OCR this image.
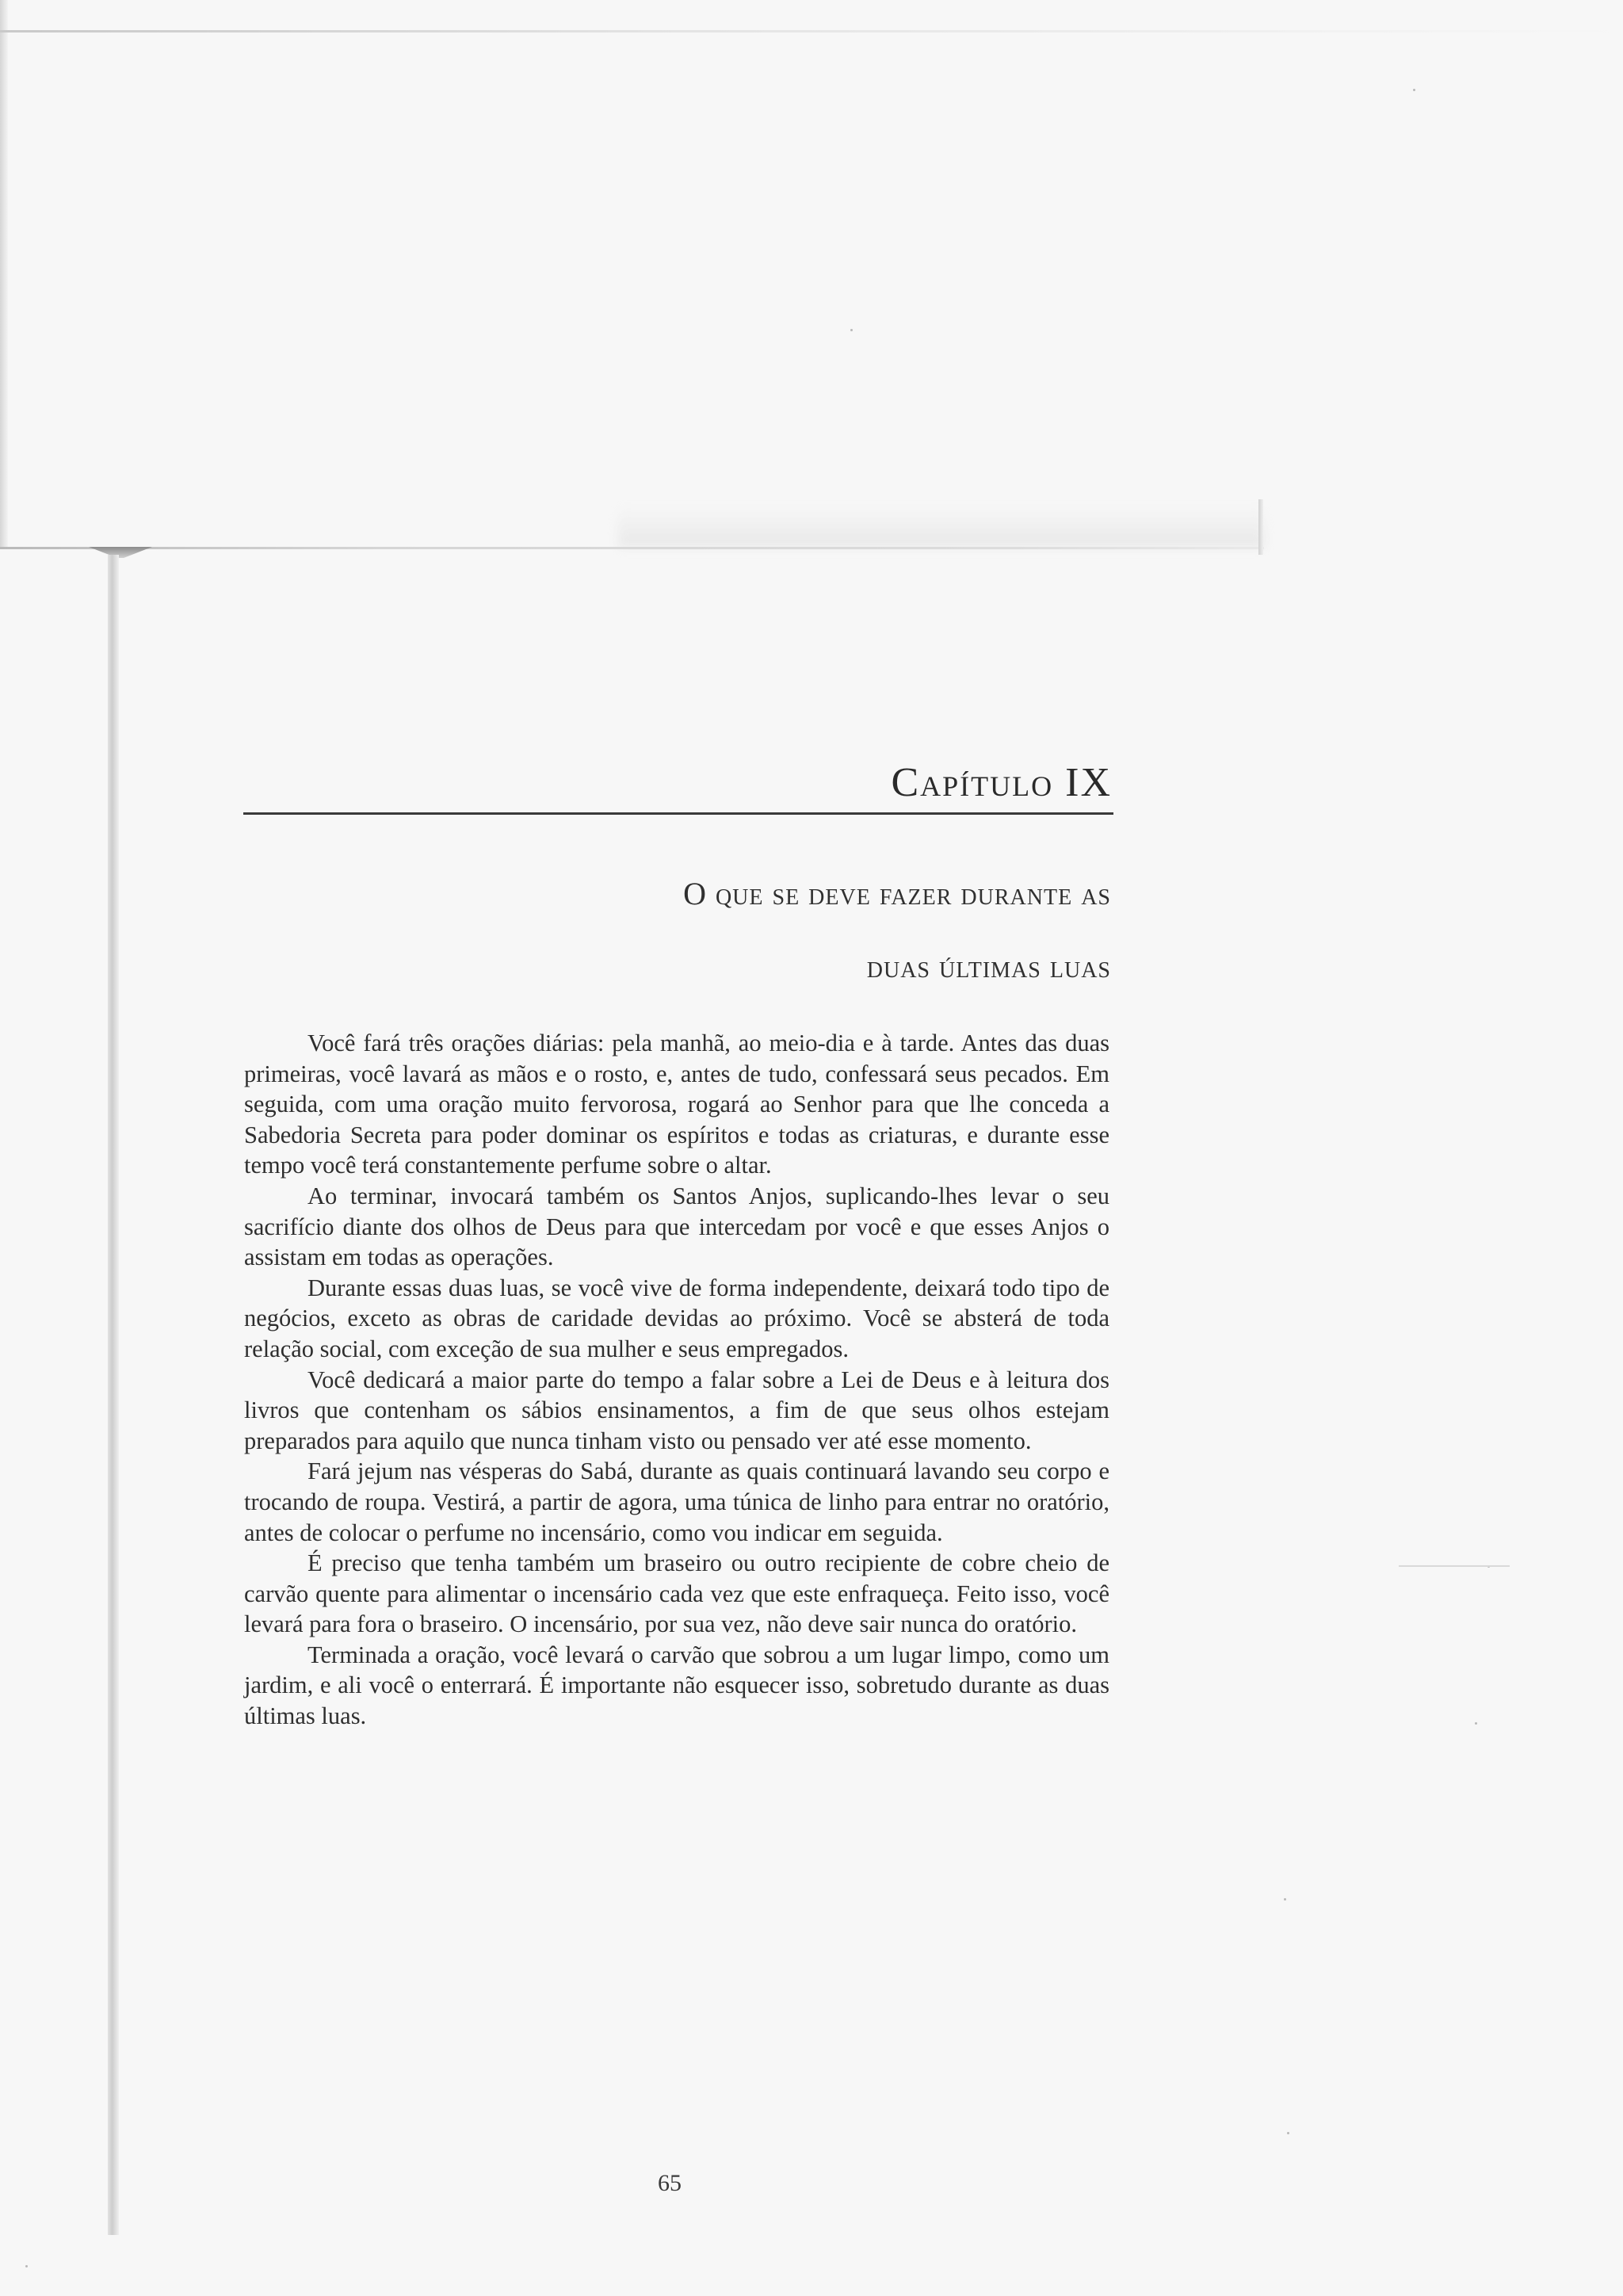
Capítulo IX
O que se deve fazer durante as
duas últimas luas

Você fará três orações diárias: pela manhã, ao meio-dia e à tarde. Antes das duas primeiras, você lavará as mãos e o rosto, e, antes de tudo, confessará seus pecados. Em seguida, com uma oração muito fervorosa, rogará ao Senhor para que lhe conceda a Sabedoria Secreta para poder dominar os espíritos e todas as criaturas, e durante esse tempo você terá constantemente perfume sobre o altar.

Ao terminar, invocará também os Santos Anjos, suplicando-lhes levar o seu sacrifício diante dos olhos de Deus para que intercedam por você e que esses Anjos o assistam em todas as operações.

Durante essas duas luas, se você vive de forma independente, deixará todo tipo de negócios, exceto as obras de caridade devidas ao próximo. Você se absterá de toda relação social, com exceção de sua mulher e seus empregados.

Você dedicará a maior parte do tempo a falar sobre a Lei de Deus e à leitura dos livros que contenham os sábios ensinamentos, a fim de que seus olhos estejam preparados para aquilo que nunca tinham visto ou pensado ver até esse momento.

Fará jejum nas vésperas do Sabá, durante as quais continuará lavando seu corpo e trocando de roupa. Vestirá, a partir de agora, uma túnica de linho para entrar no oratório, antes de colocar o perfume no incensário, como vou indicar em seguida.

É preciso que tenha também um braseiro ou outro recipiente de cobre cheio de carvão quente para alimentar o incensário cada vez que este enfraqueça. Feito isso, você levará para fora o braseiro. O incensário, por sua vez, não deve sair nunca do oratório.

Terminada a oração, você levará o carvão que sobrou a um lugar limpo, como um jardim, e ali você o enterrará. É importante não esquecer isso, sobretudo durante as duas últimas luas.

65
